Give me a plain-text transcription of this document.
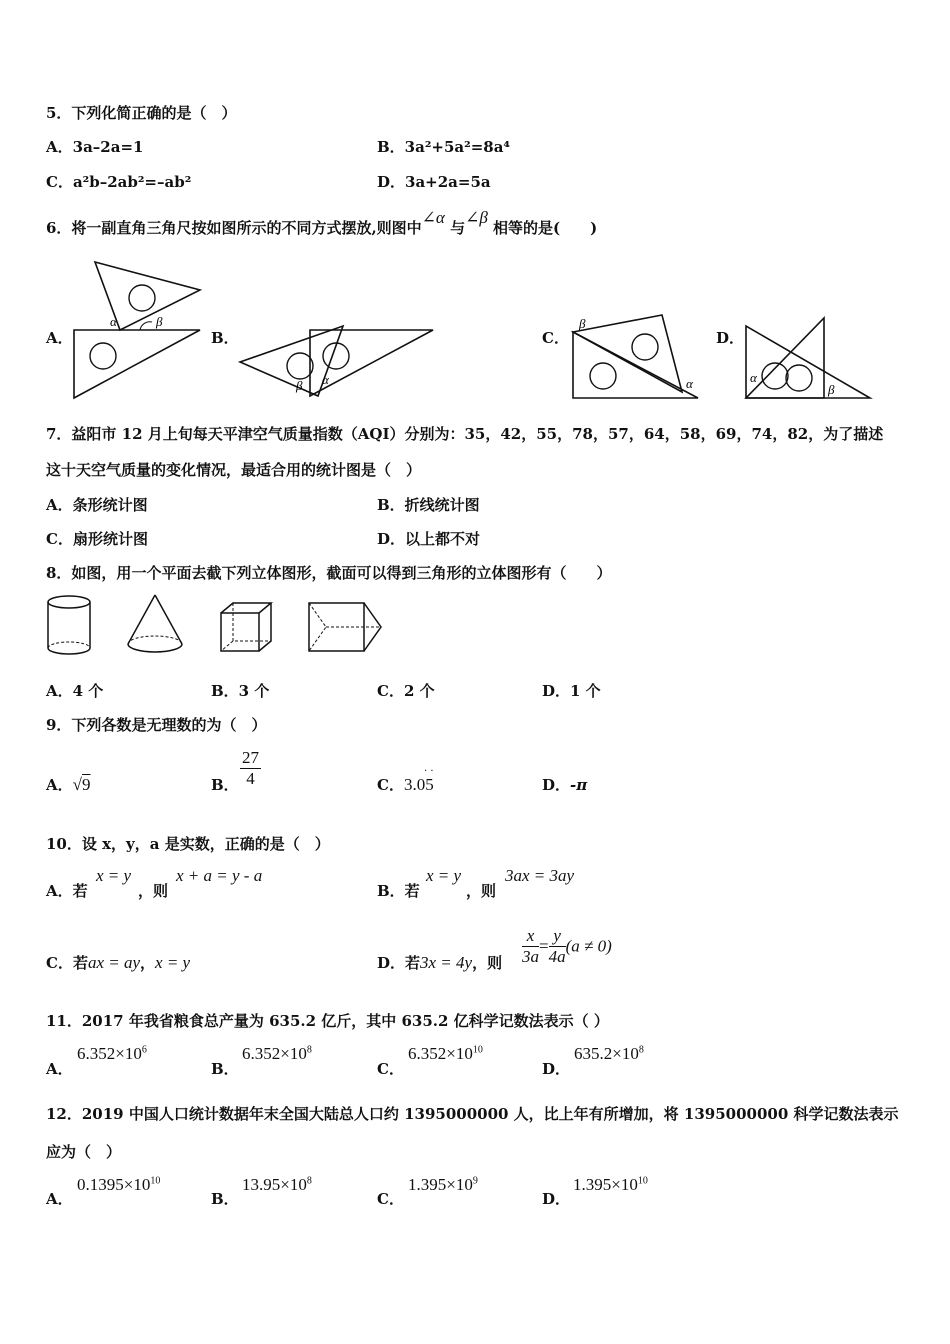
5．下列化简正确的是（　）
A．3a–2a=1	B．3a²+5a²=8a⁴
C．a²b–2ab²=–ab²	D．3a+2a=5a
6．将一副直角三角尺按如图所示的不同方式摆放,则图中∠α 与∠β 相等的是(　　)
A．	B．	C．	D．
α	β
β α
β
α	α
β
7．益阳市 12 月上旬每天平津空气质量指数（AQI）分别为：35，42，55，78，57，64，58，69，74，82，为了描述
这十天空气质量的变化情况，最适合用的统计图是（　）
A．条形统计图	B．折线统计图
C．扇形统计图	D．以上都不对
8．如图，用一个平面去截下列立体图形，截面可以得到三角形的立体图形有（　　）
A．4 个	B．3 个	C．2 个	D．1 个
9．下列各数是无理数的为（　）
A．√9	B． $\frac{27}{4}$	C．3.05
· ·
D．-π
10．设 x，y，a 是实数，正确的是（　）
A．若
x = y
，则
x + a = y - a
B．若
x = y
，则
3ax = 3ay
C．若ax = ay，x = y	D．若3x = 4y，则 $\frac{x}{3a} = \frac{y}{4a} (a \ne 0)$
11．2017 年我省粮食总产量为 635.2 亿斤，其中 635.2 亿科学记数法表示（ ）
A．
$6.352\times 10^6$
B．
$6.352\times 10^8$
C．
$6.352\times 10^{10}$
D．
$635.2\times 10^8$
12．2019 中国人口统计数据年末全国大陆总人口约 1395000000 人，比上年有所增加，将 1395000000 科学记数法表示
应为（　）
A．
$0.1395\times 10^{10}$
B．
$13.95\times 10^8$
C．
$1.395\times 10^9$
D．
$1.395\times 10^{10}$
